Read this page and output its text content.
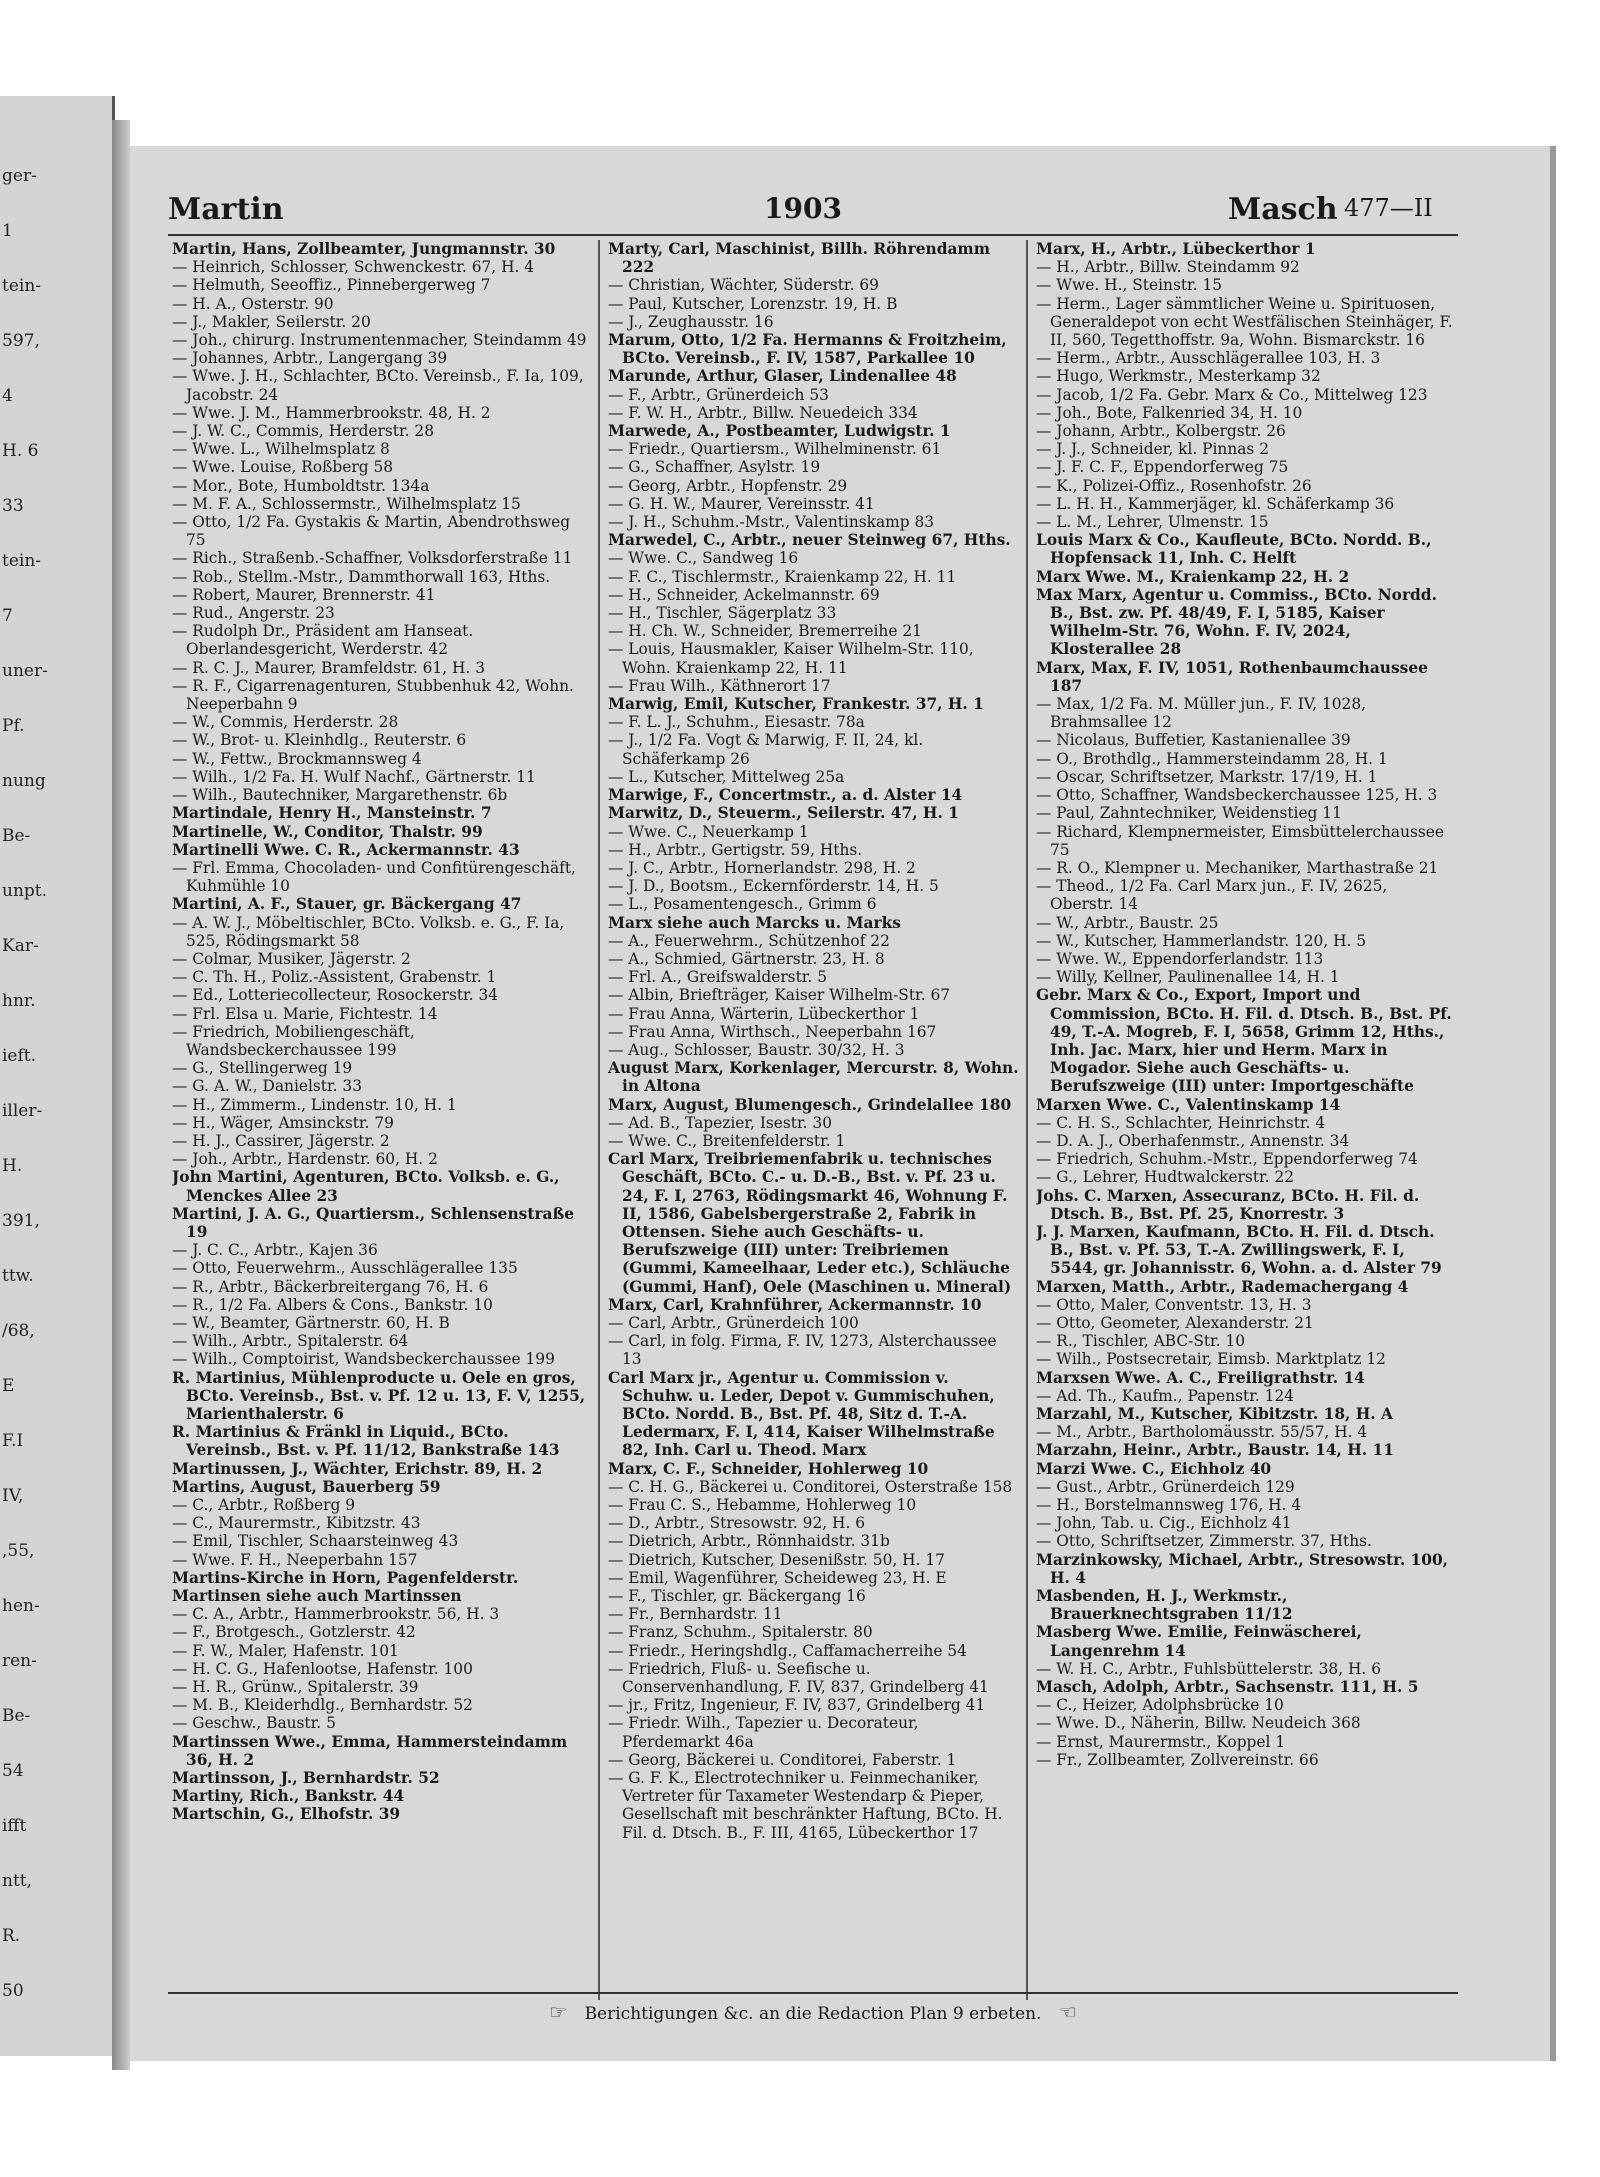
ger-
1
tein-
597,
4
H. 6
33
tein-
7
uner-
Pf.
nung
Be-
unpt.
Kar-
hnr.
ieft.
iller-
H.
391,
ttw.
/68,
E
F.I
IV,
,55,
hen-
ren-
Be-
54
ifft
ntt,
R.
50
Martin	1903	Masch 477—II
Martin, Hans, Zollbeamter, Jungmannstr. 30
— Heinrich, Schlosser, Schwenckestr. 67, H. 4
— Helmuth, Seeoffiz., Pinnebergerweg 7
— H. A., Osterstr. 90
— J., Makler, Seilerstr. 20
— Joh., chirurg. Instrumentenmacher, Steindamm 49
— Johannes, Arbtr., Langergang 39
— Wwe. J. H., Schlachter, BCto. Vereinsb., F. Ia, 109, Jacobstr. 24
— Wwe. J. M., Hammerbrookstr. 48, H. 2
— J. W. C., Commis, Herderstr. 28
— Wwe. L., Wilhelmsplatz 8
— Wwe. Louise, Roßberg 58
— Mor., Bote, Humboldtstr. 134a
— M. F. A., Schlossermstr., Wilhelmsplatz 15
— Otto, 1/2 Fa. Gystakis & Martin, Abendrothsweg 75
— Rich., Straßenb.-Schaffner, Volksdorferstraße 11
— Rob., Stellm.-Mstr., Dammthorwall 163, Hths.
— Robert, Maurer, Brennerstr. 41
— Rud., Angerstr. 23
— Rudolph Dr., Präsident am Hanseat. Oberlandesgericht, Werderstr. 42
— R. C. J., Maurer, Bramfeldstr. 61, H. 3
— R. F., Cigarrenagenturen, Stubbenhuk 42, Wohn. Neeperbahn 9
— W., Commis, Herderstr. 28
— W., Brot- u. Kleinhdlg., Reuterstr. 6
— W., Fettw., Brockmannsweg 4
— Wilh., 1/2 Fa. H. Wulf Nachf., Gärtnerstr. 11
— Wilh., Bautechniker, Margarethenstr. 6b
Martindale, Henry H., Mansteinstr. 7
Martinelle, W., Conditor, Thalstr. 99
Martinelli Wwe. C. R., Ackermannstr. 43
— Frl. Emma, Chocoladen- und Confitürengeschäft, Kuhmühle 10
Martini, A. F., Stauer, gr. Bäckergang 47
— A. W. J., Möbeltischler, BCto. Volksb. e. G., F. Ia, 525, Rödingsmarkt 58
— Colmar, Musiker, Jägerstr. 2
— C. Th. H., Poliz.-Assistent, Grabenstr. 1
— Ed., Lotteriecollecteur, Rosockerstr. 34
— Frl. Elsa u. Marie, Fichtestr. 14
— Friedrich, Mobiliengeschäft, Wandsbeckerchaussee 199
— G., Stellingerweg 19
— G. A. W., Danielstr. 33
— H., Zimmerm., Lindenstr. 10, H. 1
— H., Wäger, Amsinckstr. 79
— H. J., Cassirer, Jägerstr. 2
— Joh., Arbtr., Hardenstr. 60, H. 2
John Martini, Agenturen, BCto. Volksb. e. G., Menckes Allee 23
Martini, J. A. G., Quartiersm., Schlensenstraße 19
— J. C. C., Arbtr., Kajen 36
— Otto, Feuerwehrm., Ausschlägerallee 135
— R., Arbtr., Bäckerbreitergang 76, H. 6
— R., 1/2 Fa. Albers & Cons., Bankstr. 10
— W., Beamter, Gärtnerstr. 60, H. B
— Wilh., Arbtr., Spitalerstr. 64
— Wilh., Comptoirist, Wandsbeckerchaussee 199
R. Martinius, Mühlenproducte u. Oele en gros, BCto. Vereinsb., Bst. v. Pf. 12 u. 13, F. V, 1255, Marienthalerstr. 6
R. Martinius & Fränkl in Liquid., BCto. Vereinsb., Bst. v. Pf. 11/12, Bankstraße 143
Martinussen, J., Wächter, Erichstr. 89, H. 2
Martins, August, Bauerberg 59
— C., Arbtr., Roßberg 9
— C., Maurermstr., Kibitzstr. 43
— Emil, Tischler, Schaarsteinweg 43
— Wwe. F. H., Neeperbahn 157
Martins-Kirche in Horn, Pagenfelderstr.
Martinsen siehe auch Martinssen
— C. A., Arbtr., Hammerbrookstr. 56, H. 3
— F., Brotgesch., Gotzlerstr. 42
— F. W., Maler, Hafenstr. 101
— H. C. G., Hafenlootse, Hafenstr. 100
— H. R., Grünw., Spitalerstr. 39
— M. B., Kleiderhdlg., Bernhardstr. 52
— Geschw., Baustr. 5
Martinssen Wwe., Emma, Hammersteindamm 36, H. 2
Martinsson, J., Bernhardstr. 52
Martiny, Rich., Bankstr. 44
Martschin, G., Elhofstr. 39
Marty, Carl, Maschinist, Billh. Röhrendamm 222
— Christian, Wächter, Süderstr. 69
— Paul, Kutscher, Lorenzstr. 19, H. B
— J., Zeughausstr. 16
Marum, Otto, 1/2 Fa. Hermanns & Froitzheim, BCto. Vereinsb., F. IV, 1587, Parkallee 10
Marunde, Arthur, Glaser, Lindenallee 48
— F., Arbtr., Grünerdeich 53
— F. W. H., Arbtr., Billw. Neuedeich 334
Marwede, A., Postbeamter, Ludwigstr. 1
— Friedr., Quartiersm., Wilhelminenstr. 61
— G., Schaffner, Asylstr. 19
— Georg, Arbtr., Hopfenstr. 29
— G. H. W., Maurer, Vereinsstr. 41
— J. H., Schuhm.-Mstr., Valentinskamp 83
Marwedel, C., Arbtr., neuer Steinweg 67, Hths.
— Wwe. C., Sandweg 16
— F. C., Tischlermstr., Kraienkamp 22, H. 11
— H., Schneider, Ackelmannstr. 69
— H., Tischler, Sägerplatz 33
— H. Ch. W., Schneider, Bremerreihe 21
— Louis, Hausmakler, Kaiser Wilhelm-Str. 110, Wohn. Kraienkamp 22, H. 11
— Frau Wilh., Käthnerort 17
Marwig, Emil, Kutscher, Frankestr. 37, H. 1
— F. L. J., Schuhm., Eiesastr. 78a
— J., 1/2 Fa. Vogt & Marwig, F. II, 24, kl. Schäferkamp 26
— L., Kutscher, Mittelweg 25a
Marwige, F., Concertmstr., a. d. Alster 14
Marwitz, D., Steuerm., Seilerstr. 47, H. 1
— Wwe. C., Neuerkamp 1
— H., Arbtr., Gertigstr. 59, Hths.
— J. C., Arbtr., Hornerlandstr. 298, H. 2
— J. D., Bootsm., Eckernförderstr. 14, H. 5
— L., Posamentengesch., Grimm 6
Marx siehe auch Marcks u. Marks
— A., Feuerwehrm., Schützenhof 22
— A., Schmied, Gärtnerstr. 23, H. 8
— Frl. A., Greifswalderstr. 5
— Albin, Briefträger, Kaiser Wilhelm-Str. 67
— Frau Anna, Wärterin, Lübeckerthor 1
— Frau Anna, Wirthsch., Neeperbahn 167
— Aug., Schlosser, Baustr. 30/32, H. 3
August Marx, Korkenlager, Mercurstr. 8, Wohn. in Altona
Marx, August, Blumengesch., Grindelallee 180
— Ad. B., Tapezier, Isestr. 30
— Wwe. C., Breitenfelderstr. 1
Carl Marx, Treibriemenfabrik u. technisches Geschäft, BCto. C.- u. D.-B., Bst. v. Pf. 23 u. 24, F. I, 2763, Rödingsmarkt 46, Wohnung F. II, 1586, Gabelsbergerstraße 2, Fabrik in Ottensen. Siehe auch Geschäfts- u. Berufszweige (III) unter: Treibriemen (Gummi, Kameelhaar, Leder etc.), Schläuche (Gummi, Hanf), Oele (Maschinen u. Mineral)
Marx, Carl, Krahnführer, Ackermannstr. 10
— Carl, Arbtr., Grünerdeich 100
— Carl, in folg. Firma, F. IV, 1273, Alsterchaussee 13
Carl Marx jr., Agentur u. Commission v. Schuhw. u. Leder, Depot v. Gummischuhen, BCto. Nordd. B., Bst. Pf. 48, Sitz d. T.-A. Ledermarx, F. I, 414, Kaiser Wilhelmstraße 82, Inh. Carl u. Theod. Marx
Marx, C. F., Schneider, Hohlerweg 10
— C. H. G., Bäckerei u. Conditorei, Osterstraße 158
— Frau C. S., Hebamme, Hohlerweg 10
— D., Arbtr., Stresowstr. 92, H. 6
— Dietrich, Arbtr., Rönnhaidstr. 31b
— Dietrich, Kutscher, Desenißstr. 50, H. 17
— Emil, Wagenführer, Scheideweg 23, H. E
— F., Tischler, gr. Bäckergang 16
— Fr., Bernhardstr. 11
— Franz, Schuhm., Spitalerstr. 80
— Friedr., Heringshdlg., Caffamacherreihe 54
— Friedrich, Fluß- u. Seefische u. Conservenhandlung, F. IV, 837, Grindelberg 41
— jr., Fritz, Ingenieur, F. IV, 837, Grindelberg 41
— Friedr. Wilh., Tapezier u. Decorateur, Pferdemarkt 46a
— Georg, Bäckerei u. Conditorei, Faberstr. 1
— G. F. K., Electrotechniker u. Feinmechaniker, Vertreter für Taxameter Westendarp & Pieper, Gesellschaft mit beschränkter Haftung, BCto. H. Fil. d. Dtsch. B., F. III, 4165, Lübeckerthor 17
Marx, H., Arbtr., Lübeckerthor 1
— H., Arbtr., Billw. Steindamm 92
— Wwe. H., Steinstr. 15
— Herm., Lager sämmtlicher Weine u. Spirituosen, Generaldepot von echt Westfälischen Steinhäger, F. II, 560, Tegetthoffstr. 9a, Wohn. Bismarckstr. 16
— Herm., Arbtr., Ausschlägerallee 103, H. 3
— Hugo, Werkmstr., Mesterkamp 32
— Jacob, 1/2 Fa. Gebr. Marx & Co., Mittelweg 123
— Joh., Bote, Falkenried 34, H. 10
— Johann, Arbtr., Kolbergstr. 26
— J. J., Schneider, kl. Pinnas 2
— J. F. C. F., Eppendorferweg 75
— K., Polizei-Offiz., Rosenhofstr. 26
— L. H. H., Kammerjäger, kl. Schäferkamp 36
— L. M., Lehrer, Ulmenstr. 15
Louis Marx & Co., Kaufleute, BCto. Nordd. B., Hopfensack 11, Inh. C. Helft
Marx Wwe. M., Kraienkamp 22, H. 2
Max Marx, Agentur u. Commiss., BCto. Nordd. B., Bst. zw. Pf. 48/49, F. I, 5185, Kaiser Wilhelm-Str. 76, Wohn. F. IV, 2024, Klosterallee 28
Marx, Max, F. IV, 1051, Rothenbaumchaussee 187
— Max, 1/2 Fa. M. Müller jun., F. IV, 1028, Brahmsallee 12
— Nicolaus, Buffetier, Kastanienallee 39
— O., Brothdlg., Hammersteindamm 28, H. 1
— Oscar, Schriftsetzer, Markstr. 17/19, H. 1
— Otto, Schaffner, Wandsbeckerchaussee 125, H. 3
— Paul, Zahntechniker, Weidenstieg 11
— Richard, Klempnermeister, Eimsbüttelerchaussee 75
— R. O., Klempner u. Mechaniker, Marthastraße 21
— Theod., 1/2 Fa. Carl Marx jun., F. IV, 2625, Oberstr. 14
— W., Arbtr., Baustr. 25
— W., Kutscher, Hammerlandstr. 120, H. 5
— Wwe. W., Eppendorferlandstr. 113
— Willy, Kellner, Paulinenallee 14, H. 1
Gebr. Marx & Co., Export, Import und Commission, BCto. H. Fil. d. Dtsch. B., Bst. Pf. 49, T.-A. Mogreb, F. I, 5658, Grimm 12, Hths., Inh. Jac. Marx, hier und Herm. Marx in Mogador. Siehe auch Geschäfts- u. Berufszweige (III) unter: Importgeschäfte
Marxen Wwe. C., Valentinskamp 14
— C. H. S., Schlachter, Heinrichstr. 4
— D. A. J., Oberhafenmstr., Annenstr. 34
— Friedrich, Schuhm.-Mstr., Eppendorferweg 74
— G., Lehrer, Hudtwalckerstr. 22
Johs. C. Marxen, Assecuranz, BCto. H. Fil. d. Dtsch. B., Bst. Pf. 25, Knorrestr. 3
J. J. Marxen, Kaufmann, BCto. H. Fil. d. Dtsch. B., Bst. v. Pf. 53, T.-A. Zwillingswerk, F. I, 5544, gr. Johannisstr. 6, Wohn. a. d. Alster 79
Marxen, Matth., Arbtr., Rademachergang 4
— Otto, Maler, Conventstr. 13, H. 3
— Otto, Geometer, Alexanderstr. 21
— R., Tischler, ABC-Str. 10
— Wilh., Postsecretair, Eimsb. Marktplatz 12
Marxsen Wwe. A. C., Freiligrathstr. 14
— Ad. Th., Kaufm., Papenstr. 124
Marzahl, M., Kutscher, Kibitzstr. 18, H. A
— M., Arbtr., Bartholomäusstr. 55/57, H. 4
Marzahn, Heinr., Arbtr., Baustr. 14, H. 11
Marzi Wwe. C., Eichholz 40
— Gust., Arbtr., Grünerdeich 129
— H., Borstelmannsweg 176, H. 4
— John, Tab. u. Cig., Eichholz 41
— Otto, Schriftsetzer, Zimmerstr. 37, Hths.
Marzinkowsky, Michael, Arbtr., Stresowstr. 100, H. 4
Masbenden, H. J., Werkmstr., Brauerknechtsgraben 11/12
Masberg Wwe. Emilie, Feinwäscherei, Langenrehm 14
— W. H. C., Arbtr., Fuhlsbüttelerstr. 38, H. 6
Masch, Adolph, Arbtr., Sachsenstr. 111, H. 5
— C., Heizer, Adolphsbrücke 10
— Wwe. D., Näherin, Billw. Neudeich 368
— Ernst, Maurermstr., Koppel 1
— Fr., Zollbeamter, Zollvereinstr. 66
☞ Berichtigungen &c. an die Redaction Plan 9 erbeten. ☜
